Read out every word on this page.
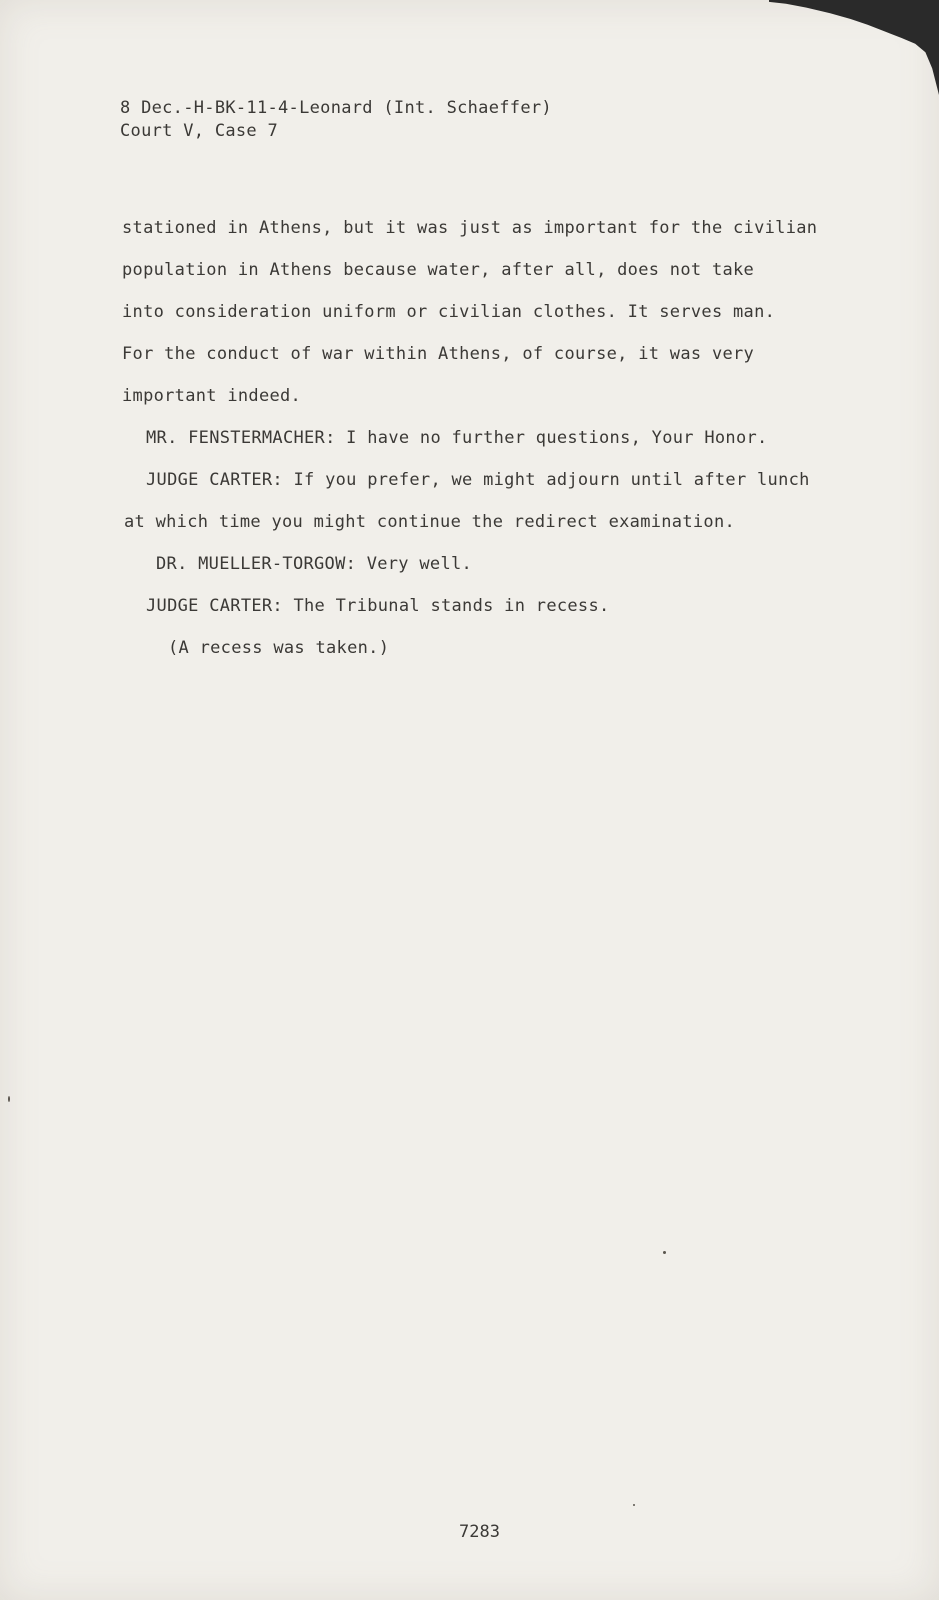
8 Dec.-H-BK-11-4-Leonard (Int. Schaeffer)
Court V, Case 7
stationed in Athens, but it was just as important for the civilian
population in Athens because water, after all, does not take
into consideration uniform or civilian clothes. It serves man.
For the conduct of war within Athens, of course, it was very
important indeed.
MR. FENSTERMACHER: I have no further questions, Your Honor.
JUDGE CARTER: If you prefer, we might adjourn until after lunch
at which time you might continue the redirect examination.
DR. MUELLER-TORGOW: Very well.
JUDGE CARTER: The Tribunal stands in recess.
(A recess was taken.)
7283
